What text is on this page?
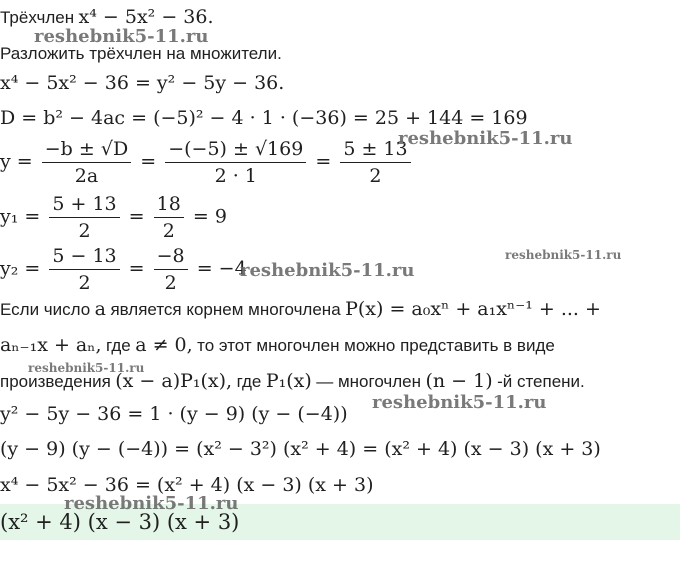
Трёхчлен x⁴ − 5x² − 36.
Разложить трёхчлен на множители.
x⁴ − 5x² − 36 = y² − 5y − 36.
D = b² − 4ac = (−5)² − 4 · 1 · (−36) = 25 + 144 = 169
$y = \frac{-b \pm √D}{2a} = \frac{-(-5) \pm √169}{2 \cdot 1} = \frac{5 \pm 13}{2}$
$y_1 = \frac{5 + 13}{2} = \frac{18}{2} = 9$
$y_2 = \frac{5 - 13}{2} = \frac{-8}{2} = -4$
Если число a является корнем многочлена P(x) = a₀xⁿ + a₁xⁿ⁻¹ + ... +
aₙ₋₁x + aₙ, где a ≠ 0, то этот многочлен можно представить в виде
произведения (x − a)P₁(x), где P₁(x) — многочлен (n − 1) -й степени.
y² − 5y − 36 = 1 · (y − 9) (y − (−4))
(y − 9) (y − (−4)) = (x² − 3²) (x² + 4) = (x² + 4) (x − 3) (x + 3)
x⁴ − 5x² − 36 = (x² + 4) (x − 3) (x + 3)
(x² + 4) (x − 3) (x + 3)
reshebnik5-11.ru
reshebnik5-11.ru
reshebnik5-11.ru
reshebnik5-11.ru
reshebnik5-11.ru
reshebnik5-11.ru
reshebnik5-11.ru
